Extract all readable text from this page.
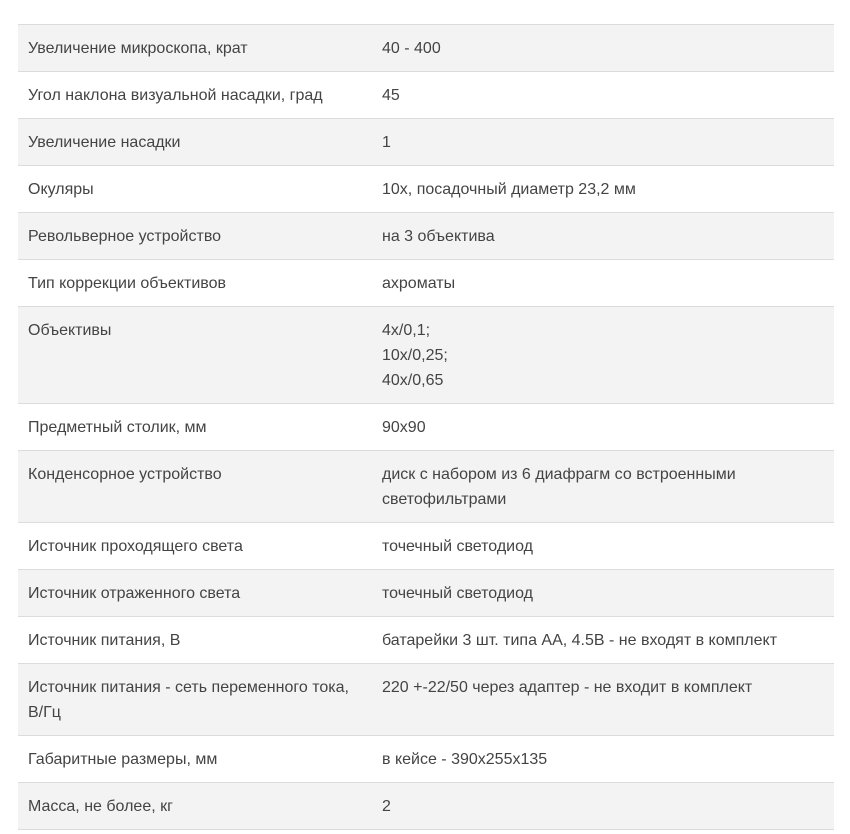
Увеличение микроскопа, крат	40 - 400

Угол наклона визуальной насадки, град	45

Увеличение насадки	1

Окуляры	10x, посадочный диаметр 23,2 мм

Револьверное устройство	на 3 объектива

Тип коррекции объективов	ахроматы

Объективы	4х/0,1;
10х/0,25;
40х/0,65

Предметный столик, мм	90х90

Конденсорное устройство	диск с набором из 6 диафрагм со встроенными
светофильтрами

Источник проходящего света	точечный светодиод

Источник отраженного света	точечный светодиод

Источник питания, В	батарейки 3 шт. типа АА, 4.5В - не входят в комплект

Источник питания - сеть переменного тока, В/Гц	220 +-22/50 через адаптер - не входит в комплект

Габаритные размеры, мм	в кейсе - 390х255х135

Масса, не более, кг	2
